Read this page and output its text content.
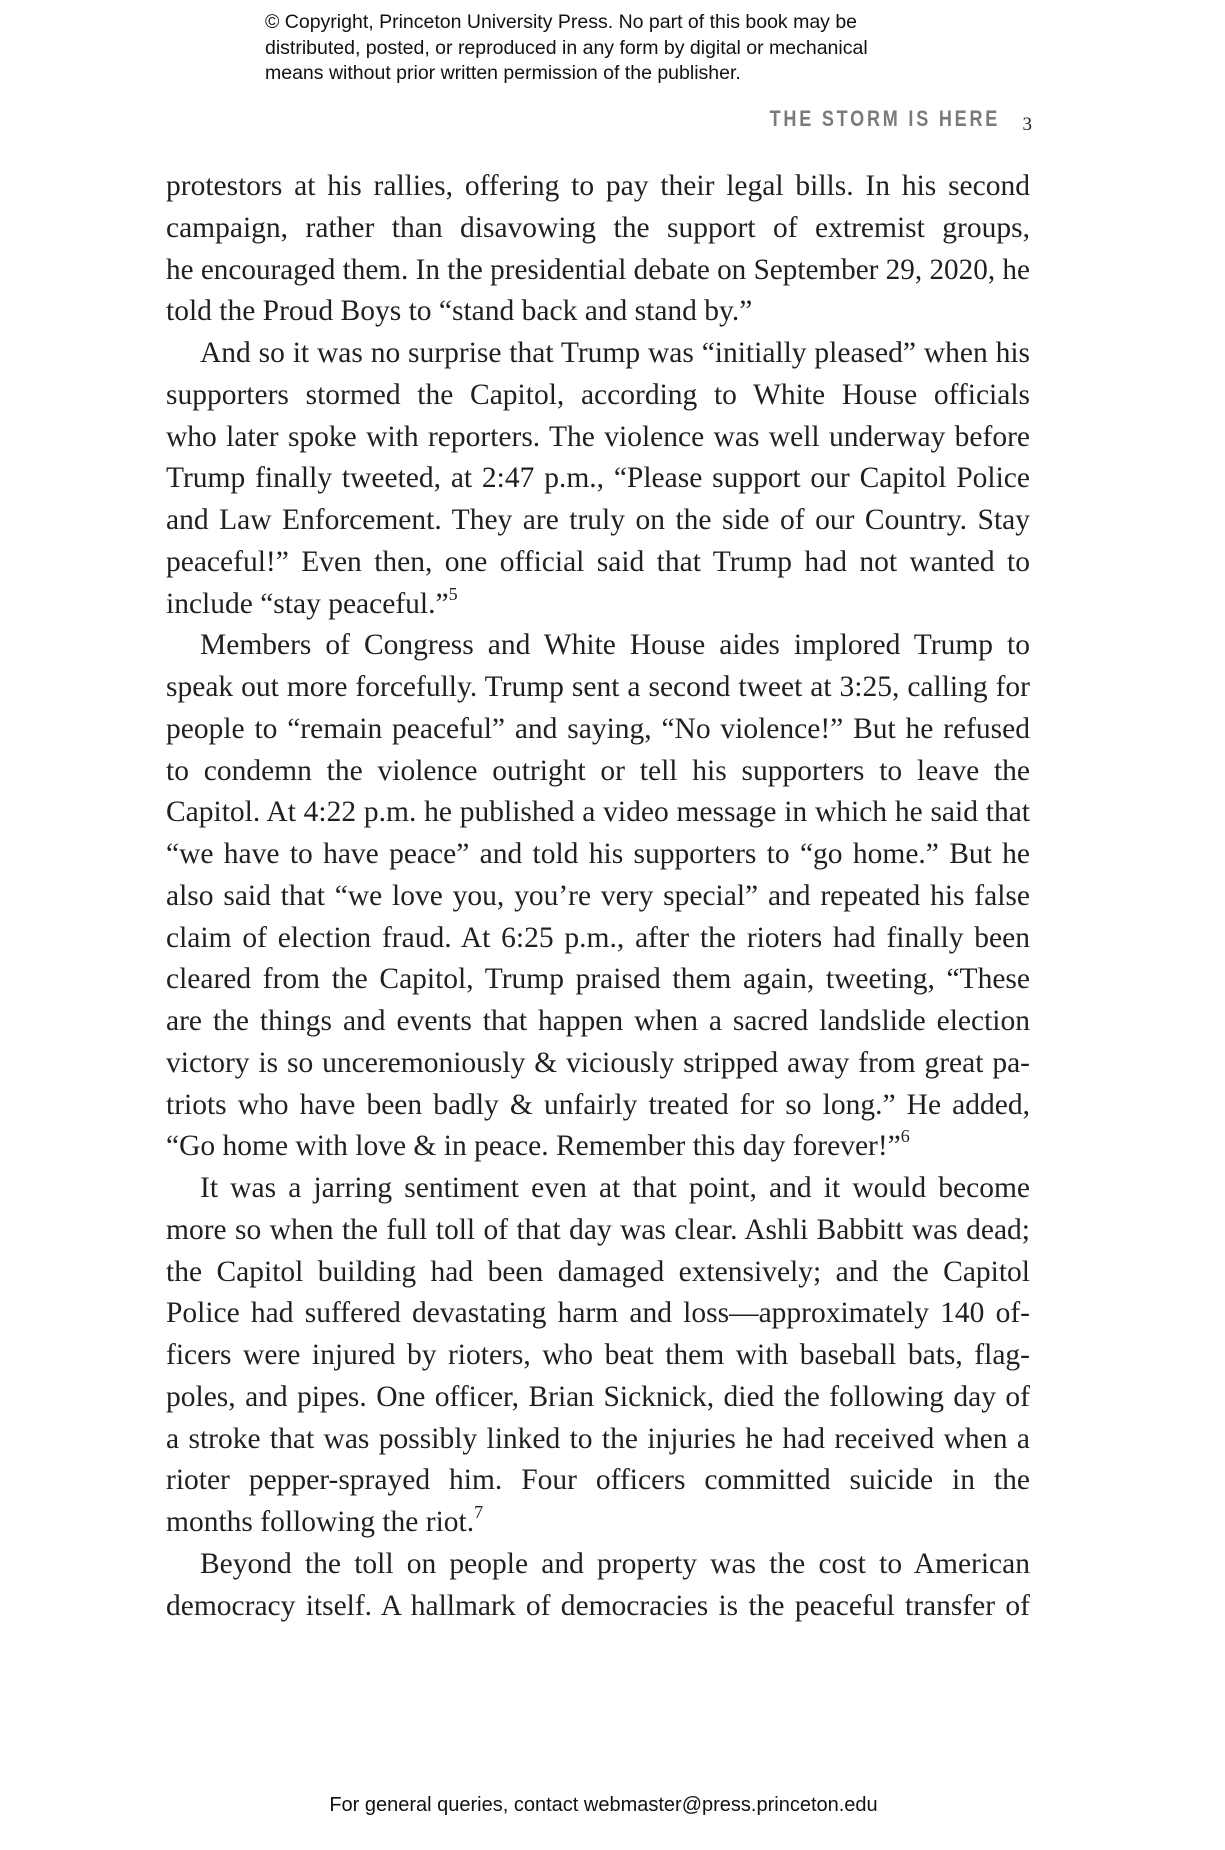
© Copyright, Princeton University Press. No part of this book may be
distributed, posted, or reproduced in any form by digital or mechanical
means without prior written permission of the publisher.
THE STORM IS HERE 3
protestors at his rallies, offering to pay their legal bills. In his second
campaign, rather than disavowing the support of extremist groups,
he encouraged them. In the presidential debate on September 29, 2020, he
told the Proud Boys to “stand back and stand by.”
And so it was no surprise that Trump was “initially pleased” when his
supporters stormed the Capitol, according to White House officials
who later spoke with reporters. The violence was well underway before
Trump finally tweeted, at 2:47 p.m., “Please support our Capitol Police
and Law Enforcement. They are truly on the side of our Country. Stay
peaceful!” Even then, one official said that Trump had not wanted to
include “stay peaceful.”$^5$
Members of Congress and White House aides implored Trump to
speak out more forcefully. Trump sent a second tweet at 3:25, calling for
people to “remain peaceful” and saying, “No violence!” But he refused
to condemn the violence outright or tell his supporters to leave the
Capitol. At 4:22 p.m. he published a video message in which he said that
“we have to have peace” and told his supporters to “go home.” But he
also said that “we love you, you’re very special” and repeated his false
claim of election fraud. At 6:25 p.m., after the rioters had finally been
cleared from the Capitol, Trump praised them again, tweeting, “These
are the things and events that happen when a sacred landslide election
victory is so unceremoniously & viciously stripped away from great pa-
triots who have been badly & unfairly treated for so long.” He added,
“Go home with love & in peace. Remember this day forever!”$^6$
It was a jarring sentiment even at that point, and it would become
more so when the full toll of that day was clear. Ashli Babbitt was dead;
the Capitol building had been damaged extensively; and the Capitol
Police had suffered devastating harm and loss—approximately 140 of-
ficers were injured by rioters, who beat them with baseball bats, flag-
poles, and pipes. One officer, Brian Sicknick, died the following day of
a stroke that was possibly linked to the injuries he had received when a
rioter pepper-sprayed him. Four officers committed suicide in the
months following the riot.$^7$
Beyond the toll on people and property was the cost to American
democracy itself. A hallmark of democracies is the peaceful transfer of
For general queries, contact webmaster@press.princeton.edu
